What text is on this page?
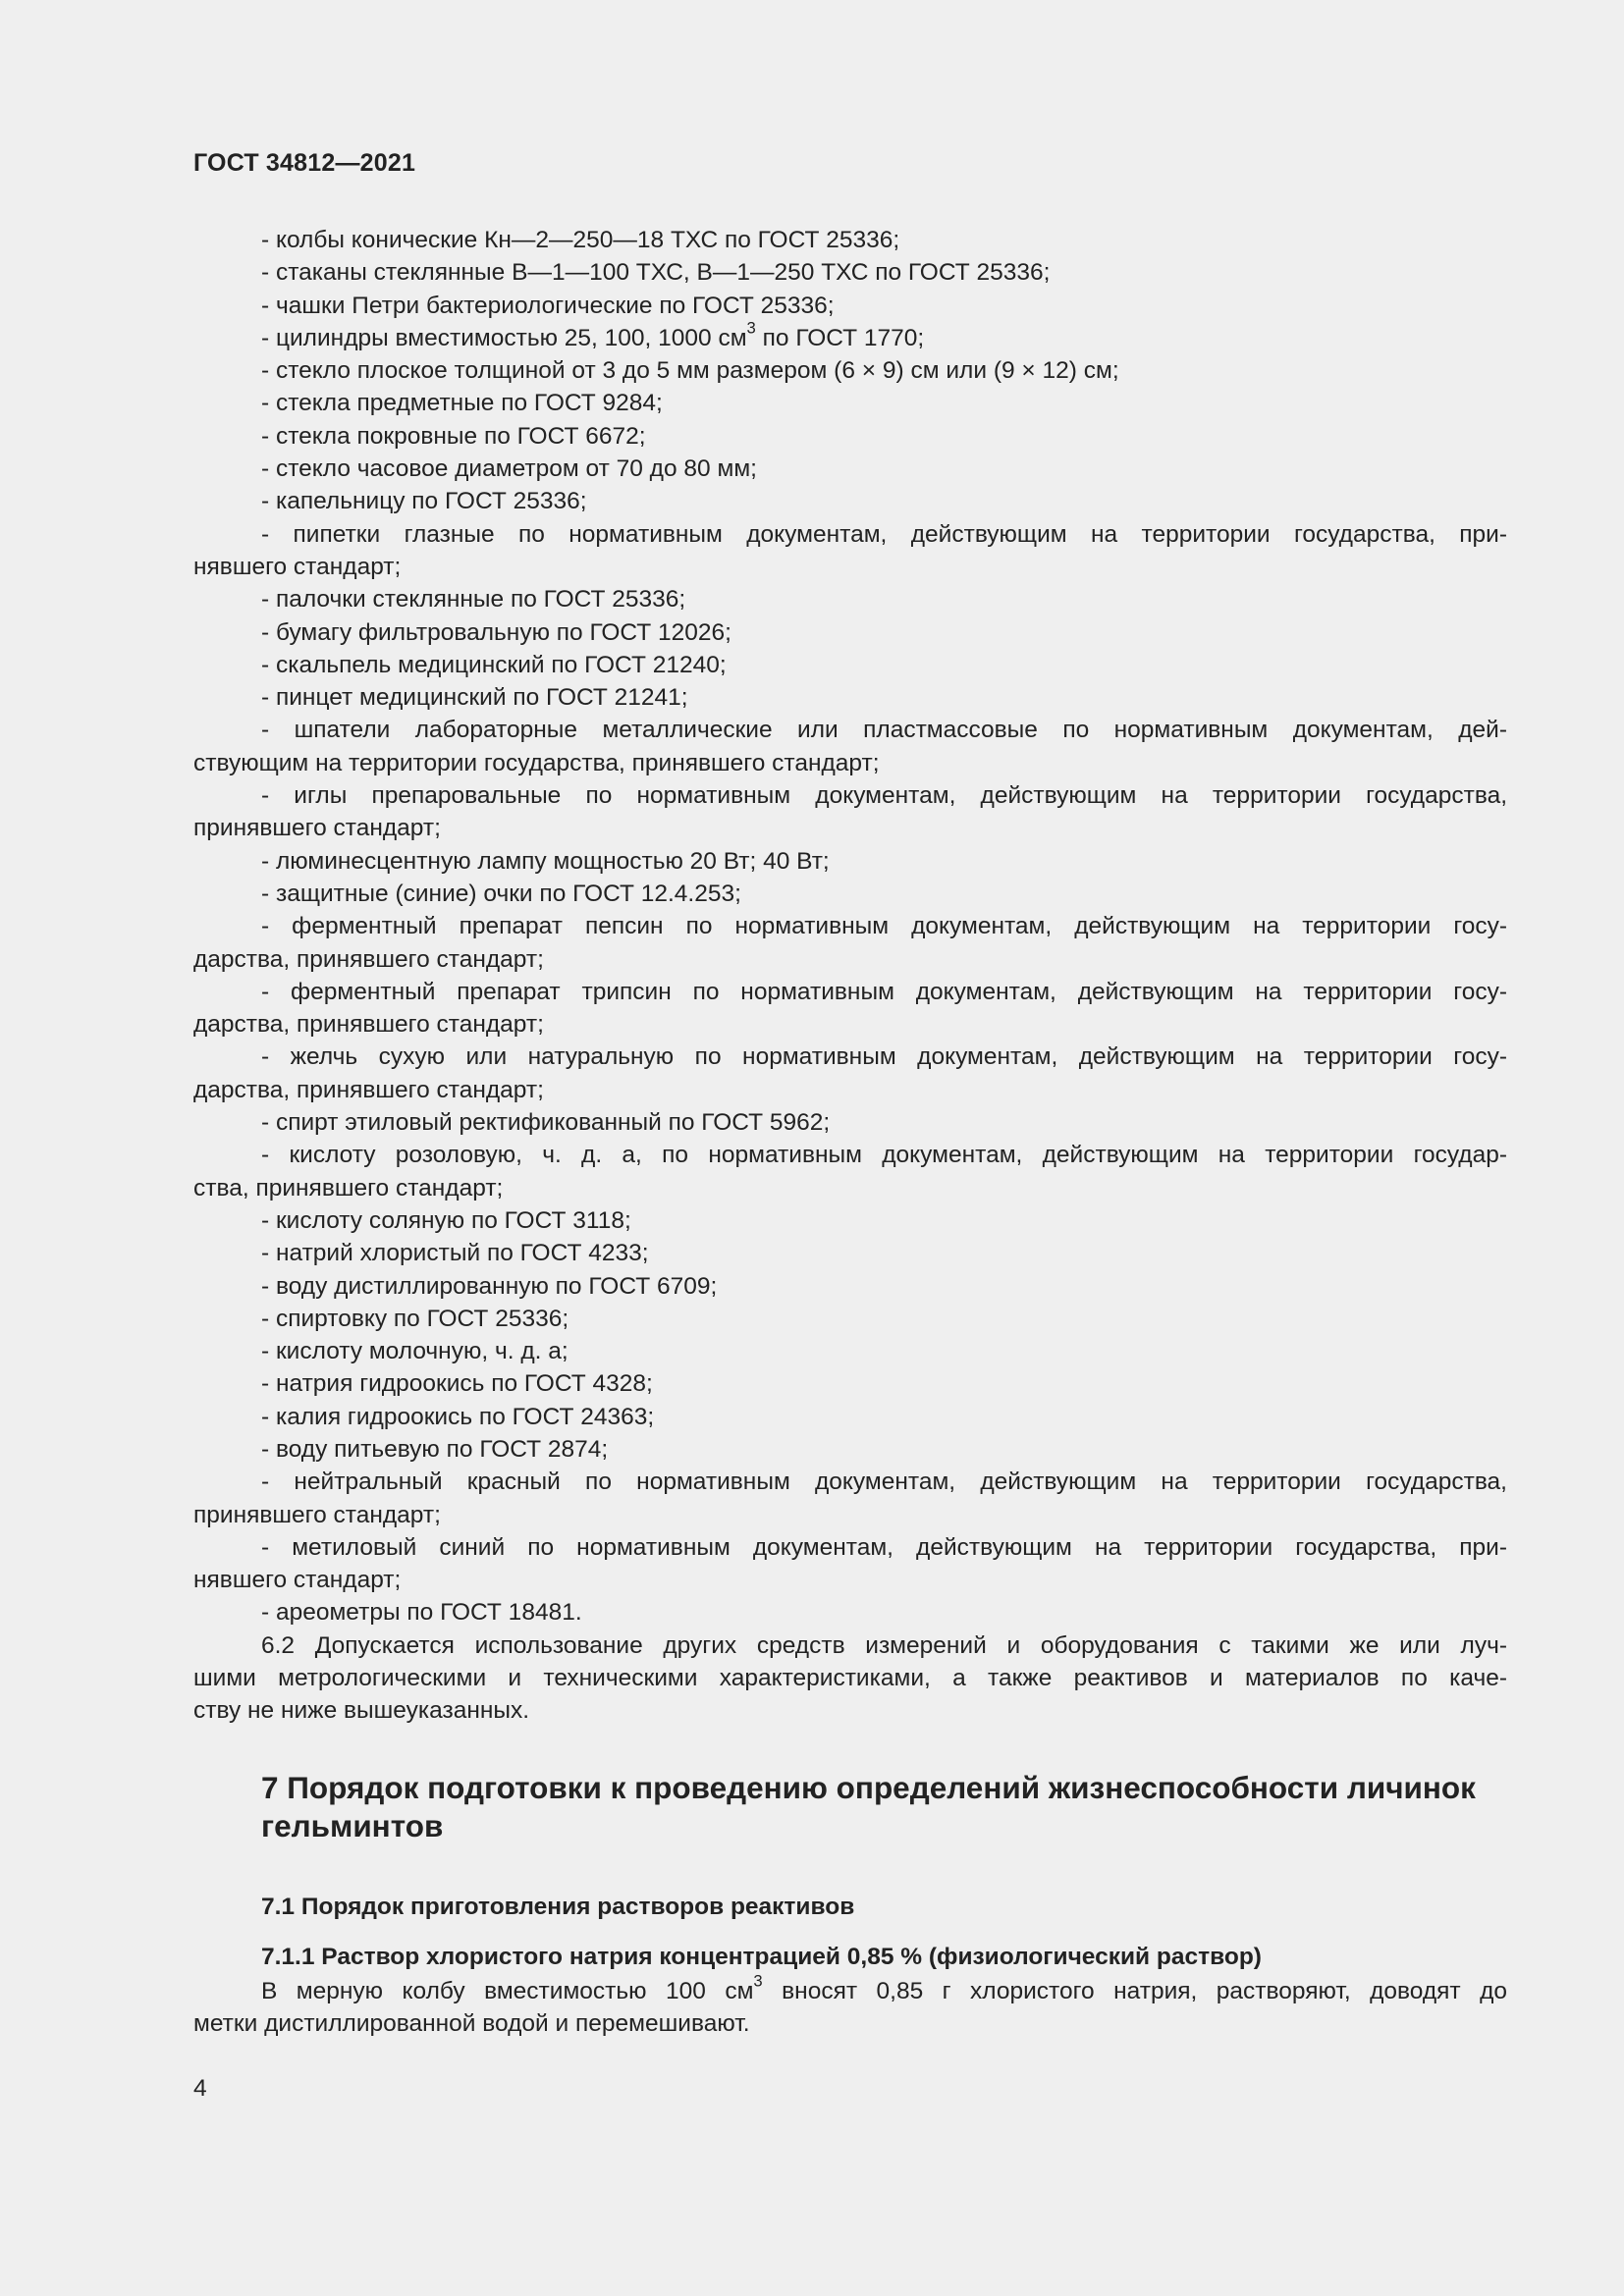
ГОСТ 34812—2021
- колбы конические Кн—2—250—18 ТХС по ГОСТ 25336;
- стаканы стеклянные В—1—100 ТХС, В—1—250 ТХС по ГОСТ 25336;
- чашки Петри бактериологические по ГОСТ 25336;
- цилиндры вместимостью 25, 100, 1000 $см^3$ по ГОСТ 1770;
- стекло плоское толщиной от 3 до 5 мм размером (6 × 9) см или (9 × 12) см;
- стекла предметные по ГОСТ 9284;
- стекла покровные по ГОСТ 6672;
- стекло часовое диаметром от 70 до 80 мм;
- капельницу по ГОСТ 25336;
- пипетки глазные по нормативным документам, действующим на территории государства, при-
нявшего стандарт;
- палочки стеклянные по ГОСТ 25336;
- бумагу фильтровальную по ГОСТ 12026;
- скальпель медицинский по ГОСТ 21240;
- пинцет медицинский по ГОСТ 21241;
- шпатели лабораторные металлические или пластмассовые по нормативным документам, дей-
ствующим на территории государства, принявшего стандарт;
- иглы препаровальные по нормативным документам, действующим на территории государства,
принявшего стандарт;
- люминесцентную лампу мощностью 20 Вт; 40 Вт;
- защитные (синие) очки по ГОСТ 12.4.253;
- ферментный препарат пепсин по нормативным документам, действующим на территории госу-
дарства, принявшего стандарт;
- ферментный препарат трипсин по нормативным документам, действующим на территории госу-
дарства, принявшего стандарт;
- желчь сухую или натуральную по нормативным документам, действующим на территории госу-
дарства, принявшего стандарт;
- спирт этиловый ректификованный по ГОСТ 5962;
- кислоту розоловую, ч. д. а, по нормативным документам, действующим на территории государ-
ства, принявшего стандарт;
- кислоту соляную по ГОСТ 3118;
- натрий хлористый по ГОСТ 4233;
- воду дистиллированную по ГОСТ 6709;
- спиртовку по ГОСТ 25336;
- кислоту молочную, ч. д. а;
- натрия гидроокись по ГОСТ 4328;
- калия гидроокись по ГОСТ 24363;
- воду питьевую по ГОСТ 2874;
- нейтральный красный по нормативным документам, действующим на территории государства,
принявшего стандарт;
- метиловый синий по нормативным документам, действующим на территории государства, при-
нявшего стандарт;
- ареометры по ГОСТ 18481.
6.2 Допускается использование других средств измерений и оборудования с такими же или луч-
шими метрологическими и техническими характеристиками, а также реактивов и материалов по каче-
ству не ниже вышеуказанных.
7 Порядок подготовки к проведению определений жизнеспособности личинок гельминтов
7.1 Порядок приготовления растворов реактивов
7.1.1 Раствор хлористого натрия концентрацией 0,85 % (физиологический раствор)
В мерную колбу вместимостью 100 $см^3$ вносят 0,85 г хлористого натрия, растворяют, доводят до
метки дистиллированной водой и перемешивают.
4
